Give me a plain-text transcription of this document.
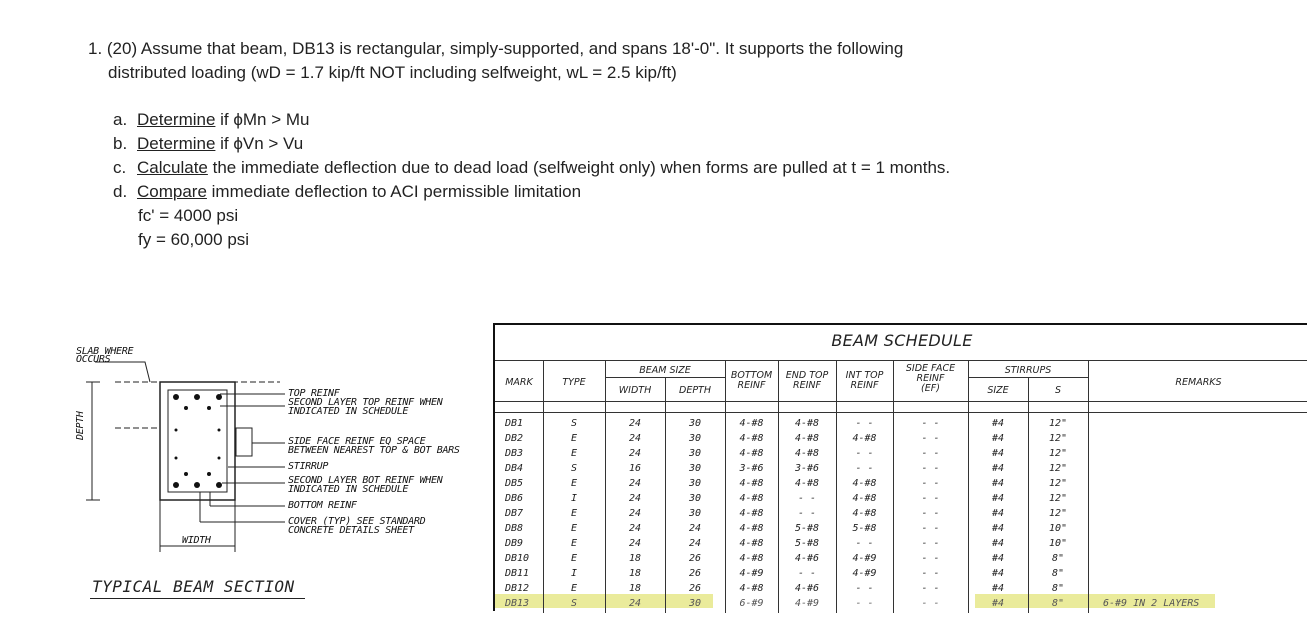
1. (20) Assume that beam, DB13 is rectangular, simply-supported, and spans 18'-0". It supports the following
distributed loading (wD = 1.7 kip/ft NOT including selfweight, wL = 2.5 kip/ft)
a. Determine if ϕMn > Mu
b. Determine if ϕVn > Vu
c. Calculate the immediate deflection due to dead load (selfweight only) when forms are pulled at t = 1 months.
d. Compare immediate deflection to ACI permissible limitation
fc' = 4000 psi
fy = 60,000 psi
SLAB WHERE
OCCURS
DEPTH
WIDTH
TOP REINF
SECOND LAYER TOP REINF WHEN
INDICATED IN SCHEDULE
SIDE FACE REINF EQ SPACE
BETWEEN NEAREST TOP & BOT BARS
STIRRUP
SECOND LAYER BOT REINF WHEN
INDICATED IN SCHEDULE
BOTTOM REINF
COVER (TYP) SEE STANDARD
CONCRETE DETAILS SHEET
TYPICAL BEAM SECTION
BEAM SCHEDULE
MARK	TYPE
BEAM SIZE
WIDTH	DEPTH
BOTTOM
REINF
END TOP
REINF
INT TOP
REINF
SIDE FACE
REINF
(EF)
STIRRUPS
SIZE	S
REMARKS
DB1	S	24	30	4-#8	4-#8	- -	- -	#4	12"
DB2	E	24	30	4-#8	4-#8	4-#8	- -	#4	12"
DB3	E	24	30	4-#8	4-#8	- -	- -	#4	12"
DB4	S	16	30	3-#6	3-#6	- -	- -	#4	12"
DB5	E	24	30	4-#8	4-#8	4-#8	- -	#4	12"
DB6	I	24	30	4-#8	- -	4-#8	- -	#4	12"
DB7	E	24	30	4-#8	- -	4-#8	- -	#4	12"
DB8	E	24	24	4-#8	5-#8	5-#8	- -	#4	10"
DB9	E	24	24	4-#8	5-#8	- -	- -	#4	10"
DB10	E	18	26	4-#8	4-#6	4-#9	- -	#4	8"
DB11	I	18	26	4-#9	- -	4-#9	- -	#4	8"
DB12	E	18	26	4-#8	4-#6	- -	- -	#4	8"
DB13	S	24	30	6-#9	4-#9	- -	- -	#4	8"	6-#9 IN 2 LAYERS
